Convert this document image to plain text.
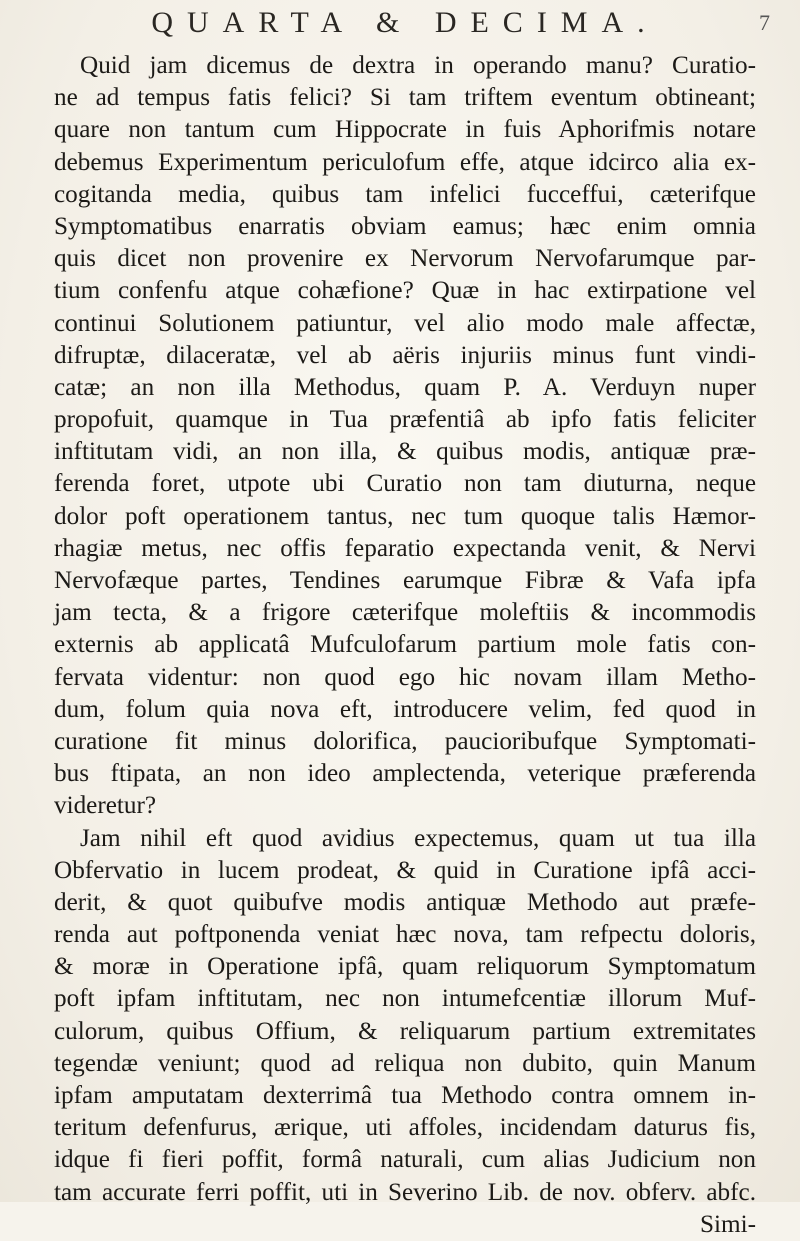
QUARTA & DECIMA.	7
Quid jam dicemus de dextra in operando manu? Curatio-
ne ad tempus fatis felici? Si tam triftem eventum obtineant;
quare non tantum cum Hippocrate in fuis Aphorifmis notare
debemus Experimentum periculofum effe, atque idcirco alia ex-
cogitanda media, quibus tam infelici fucceffui, cæterifque
Symptomatibus enarratis obviam eamus; hæc enim omnia
quis dicet non provenire ex Nervorum Nervofarumque par-
tium confenfu atque cohæfione? Quæ in hac extirpatione vel
continui Solutionem patiuntur, vel alio modo male affectæ,
difruptæ, dilaceratæ, vel ab aëris injuriis minus funt vindi-
catæ; an non illa Methodus, quam P. A. Verduyn nuper
propofuit, quamque in Tua præfentiâ ab ipfo fatis feliciter
inftitutam vidi, an non illa, & quibus modis, antiquæ præ-
ferenda foret, utpote ubi Curatio non tam diuturna, neque
dolor poft operationem tantus, nec tum quoque talis Hæmor-
rhagiæ metus, nec offis feparatio expectanda venit, & Nervi
Nervofæque partes, Tendines earumque Fibræ & Vafa ipfa
jam tecta, & a frigore cæterifque moleftiis & incommodis
externis ab applicatâ Mufculofarum partium mole fatis con-
fervata videntur: non quod ego hic novam illam Metho-
dum, folum quia nova eft, introducere velim, fed quod in
curatione fit minus dolorifica, paucioribufque Symptomati-
bus ftipata, an non ideo amplectenda, veterique præferenda
videretur?
Jam nihil eft quod avidius expectemus, quam ut tua illa
Obfervatio in lucem prodeat, & quid in Curatione ipfâ acci-
derit, & quot quibufve modis antiquæ Methodo aut præfe-
renda aut poftponenda veniat hæc nova, tam refpectu doloris,
& moræ in Operatione ipfâ, quam reliquorum Symptomatum
poft ipfam inftitutam, nec non intumefcentiæ illorum Muf-
culorum, quibus Offium, & reliquarum partium extremitates
tegendæ veniunt; quod ad reliqua non dubito, quin Manum
ipfam amputatam dexterrimâ tua Methodo contra omnem in-
teritum defenfurus, ærique, uti affoles, incidendam daturus fis,
idque fi fieri poffit, formâ naturali, cum alias Judicium non
tam accurate ferri poffit, uti in Severino Lib. de nov. obferv. abfc.
Simi-
